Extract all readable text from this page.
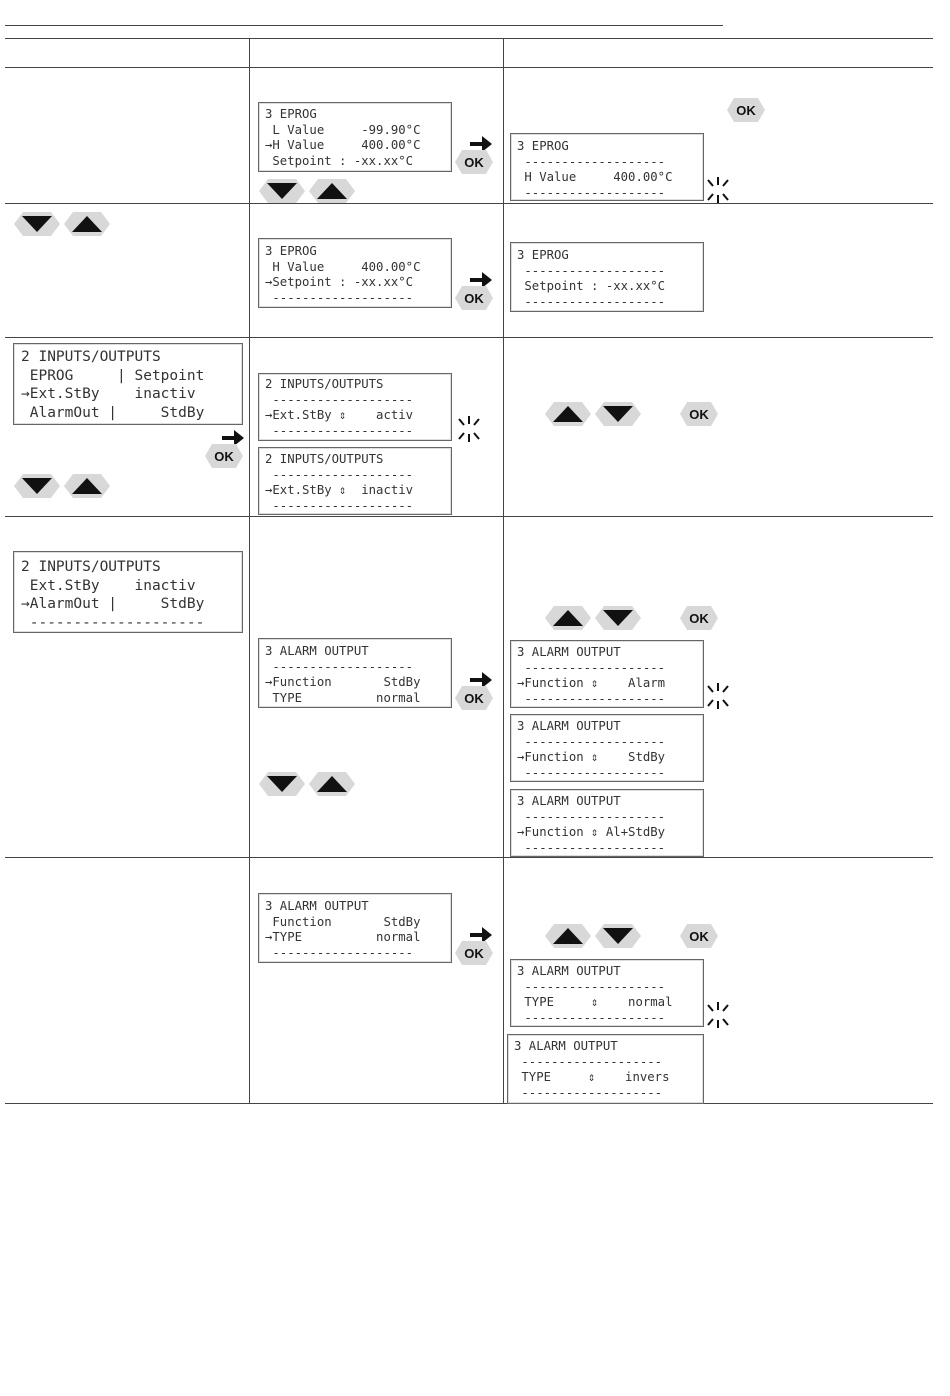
3 EPROG
L Value     -99.90°C
→H Value     400.00°C
Setpoint : -xx.xx°C	OK
OK
3 EPROG
-------------------
H Value     400.00°C
-------------------
3 EPROG
H Value     400.00°C
→Setpoint : -xx.xx°C
-------------------	OK
3 EPROG
-------------------
Setpoint : -xx.xx°C
-------------------
2 INPUTS/OUTPUTS
EPROG     | Setpoint
→Ext.StBy    inactiv
AlarmOut |     StdBy
OK
2 INPUTS/OUTPUTS
-------------------
→Ext.StBy ⇕    activ
-------------------
2 INPUTS/OUTPUTS
-------------------
→Ext.StBy ⇕  inactiv
-------------------
OK
2 INPUTS/OUTPUTS
Ext.StBy    inactiv
→AlarmOut |     StdBy
--------------------
3 ALARM OUTPUT
-------------------
→Function       StdBy
TYPE          normal	OK
OK
3 ALARM OUTPUT
-------------------
→Function ⇕    Alarm
-------------------
3 ALARM OUTPUT
-------------------
→Function ⇕    StdBy
-------------------
3 ALARM OUTPUT
-------------------
→Function ⇕ Al+StdBy
-------------------
3 ALARM OUTPUT
Function       StdBy
→TYPE          normal
-------------------	OK
OK
3 ALARM OUTPUT
-------------------
TYPE     ⇕    normal
-------------------
3 ALARM OUTPUT
-------------------
TYPE     ⇕    invers
-------------------
